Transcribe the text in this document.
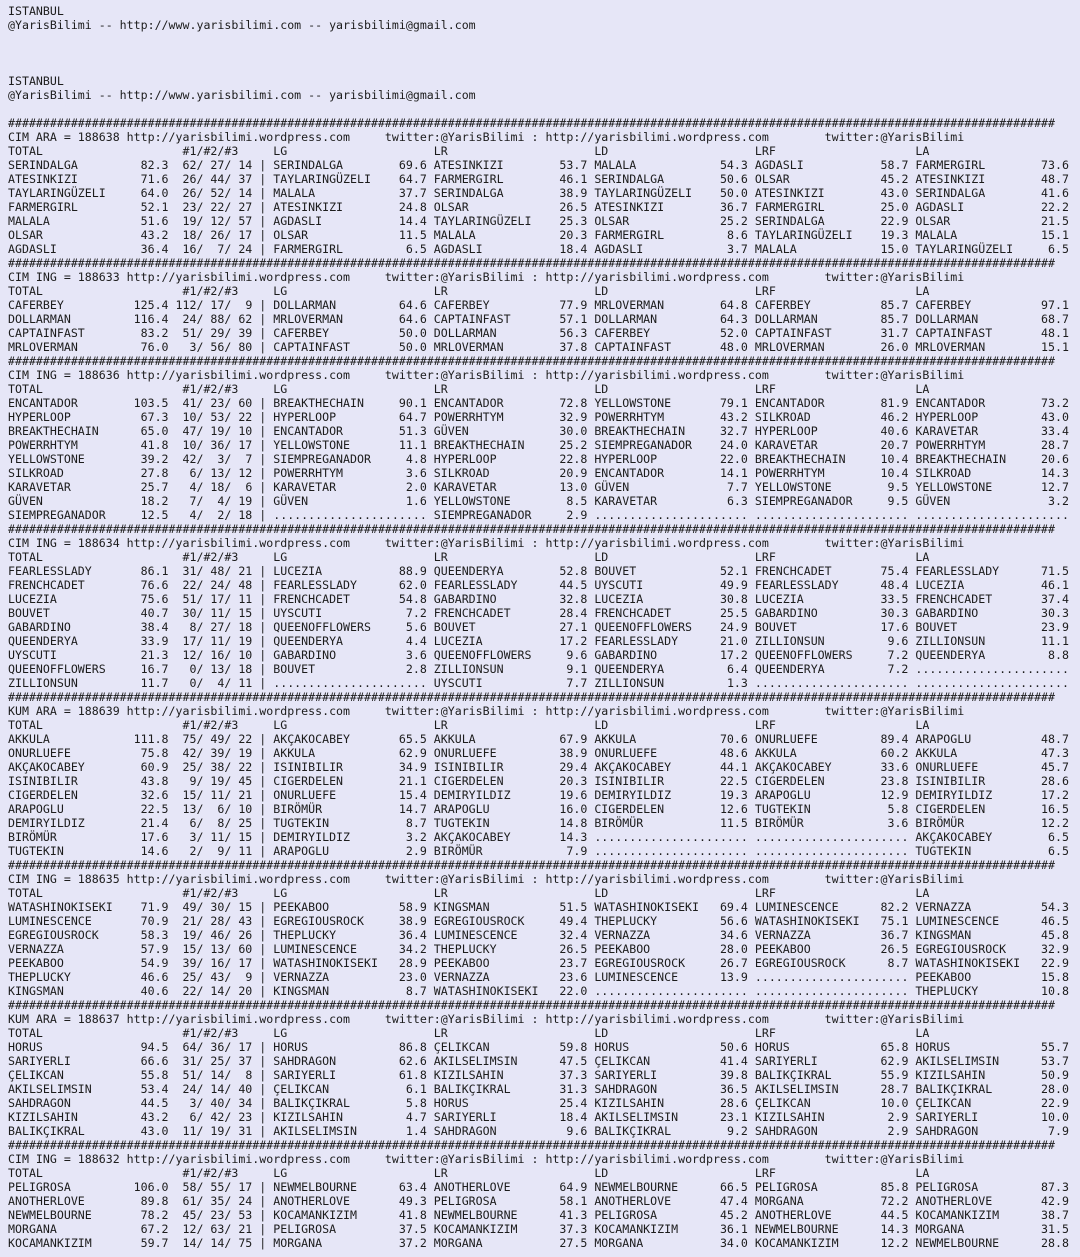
ISTANBUL
@YarisBilimi -- http://www.yarisbilimi.com -- yarisbilimi@gmail.com
ISTANBUL
@YarisBilimi -- http://www.yarisbilimi.com -- yarisbilimi@gmail.com
######################################################################################################################################################
CIM ARA = 188638 http://yarisbilimi.wordpress.com     twitter:@YarisBilimi : http://yarisbilimi.wordpress.com        twitter:@YarisBilimi
TOTAL	#1/#2/#3	LG	LR	LD	LRF	LA
SERINDALGA	82.3 62 / 27 / 14 | SERINDALGA	69.6 ATESINKIZI	53.7 MALALA	54.3 AGDASLI	58.7 FARMERGIRL	73.6
ATESINKIZI	71.6 26 / 44 / 37 | TAYLARINGÜZELI 64.7 FARMERGIRL	46.1 SERINDALGA	50.6 OLSAR	45.2 ATESINKIZI	48.7
TAYLARINGÜZELI	64.0 26 / 52 / 14 | MALALA	37.7 SERINDALGA	38.9 TAYLARINGÜZELI 50.0 ATESINKIZI	43.0 SERINDALGA	41.6
FARMERGIRL	52.1 23 / 22 / 27 | ATESINKIZI	24.8 OLSAR	26.5 ATESINKIZI	36.7 FARMERGIRL	25.0 AGDASLI	22.2
MALALA	51.6 19 / 12 / 57 | AGDASLI	14.4 TAYLARINGÜZELI 25.3 OLSAR	25.2 SERINDALGA	22.9 OLSAR	21.5
OLSAR	43.2 18 / 26 / 17 | OLSAR	11.5 MALALA	20.3 FARMERGIRL	8.6 TAYLARINGÜZELI 19.3 MALALA	15.1
AGDASLI	36.4 16 / 7 / 24 | FARMERGIRL	6.5 AGDASLI	18.4 AGDASLI	3.7 MALALA	15.0 TAYLARINGÜZELI	6.5
######################################################################################################################################################
CIM ING = 188633 http://yarisbilimi.wordpress.com     twitter:@YarisBilimi : http://yarisbilimi.wordpress.com        twitter:@YarisBilimi
TOTAL	#1/#2/#3	LG	LR	LD	LRF	LA
CAFERBEY	125.4 112 / 17 / 9 | DOLLARMAN	64.6 CAFERBEY	77.9 MRLOVERMAN	64.8 CAFERBEY	85.7 CAFERBEY	97.1
DOLLARMAN	116.4 24 / 88 / 62 | MRLOVERMAN	64.6 CAPTAINFAST	57.1 DOLLARMAN	64.3 DOLLARMAN	85.7 DOLLARMAN	68.7
CAPTAINFAST	83.2 51 / 29 / 39 | CAFERBEY	50.0 DOLLARMAN	56.3 CAFERBEY	52.0 CAPTAINFAST	31.7 CAPTAINFAST	48.1
MRLOVERMAN	76.0 3 / 56 / 80 | CAPTAINFAST	50.0 MRLOVERMAN	37.8 CAPTAINFAST	48.0 MRLOVERMAN	26.0 MRLOVERMAN	15.1
######################################################################################################################################################
CIM ING = 188636 http://yarisbilimi.wordpress.com     twitter:@YarisBilimi : http://yarisbilimi.wordpress.com        twitter:@YarisBilimi
TOTAL	#1/#2/#3	LG	LR	LD	LRF	LA
ENCANTADOR	103.5 41 / 23 / 60 | BREAKTHECHAIN	90.1 ENCANTADOR	72.8 YELLOWSTONE	79.1 ENCANTADOR	81.9 ENCANTADOR	73.2
HYPERLOOP	67.3 10 / 53 / 22 | HYPERLOOP	64.7 POWERRHTYM	32.9 POWERRHTYM	43.2 SILKROAD	46.2 HYPERLOOP	43.0
BREAKTHECHAIN	65.0 47 / 19 / 10 | ENCANTADOR	51.3 GÜVEN	30.0 BREAKTHECHAIN	32.7 HYPERLOOP	40.6 KARAVETAR	33.4
POWERRHTYM	41.8 10 / 36 / 17 | YELLOWSTONE	11.1 BREAKTHECHAIN	25.2 SIEMPREGANADOR 24.0 KARAVETAR	20.7 POWERRHTYM	28.7
YELLOWSTONE	39.2 42 / 3 / 7 | SIEMPREGANADOR	4.8 HYPERLOOP	22.8 HYPERLOOP	22.0 BREAKTHECHAIN	10.4 BREAKTHECHAIN	20.6
SILKROAD	27.8 6 / 13 / 12 | POWERRHTYM	3.6 SILKROAD	20.9 ENCANTADOR	14.1 POWERRHTYM	10.4 SILKROAD	14.3
KARAVETAR	25.7 4 / 18 / 6 | KARAVETAR	2.0 KARAVETAR	13.0 GÜVEN	7.7 YELLOWSTONE	9.5 YELLOWSTONE	12.7
GÜVEN	18.2 7 / 4 / 19 | GÜVEN	1.6 YELLOWSTONE	8.5 KARAVETAR	6.3 SIEMPREGANADOR	9.5 GÜVEN	3.2
SIEMPREGANADOR	12.5 4 / 2 / 18 | ...................... SIEMPREGANADOR	2.9 ...................... ...................... ......................
######################################################################################################################################################
CIM ING = 188634 http://yarisbilimi.wordpress.com     twitter:@YarisBilimi : http://yarisbilimi.wordpress.com        twitter:@YarisBilimi
TOTAL	#1/#2/#3	LG	LR	LD	LRF	LA
FEARLESSLADY	86.1 31 / 48 / 21 | LUCEZIA	88.9 QUEENDERYA	52.8 BOUVET	52.1 FRENCHCADET	75.4 FEARLESSLADY	71.5
FRENCHCADET	76.6 22 / 24 / 48 | FEARLESSLADY	62.0 FEARLESSLADY	44.5 UYSCUTI	49.9 FEARLESSLADY	48.4 LUCEZIA	46.1
LUCEZIA	75.6 51 / 17 / 11 | FRENCHCADET	54.8 GABARDINO	32.8 LUCEZIA	30.8 LUCEZIA	33.5 FRENCHCADET	37.4
BOUVET	40.7 30 / 11 / 15 | UYSCUTI	7.2 FRENCHCADET	28.4 FRENCHCADET	25.5 GABARDINO	30.3 GABARDINO	30.3
GABARDINO	38.4 8 / 27 / 18 | QUEENOFFLOWERS	5.6 BOUVET	27.1 QUEENOFFLOWERS 24.9 BOUVET	17.6 BOUVET	23.9
QUEENDERYA	33.9 17 / 11 / 19 | QUEENDERYA	4.4 LUCEZIA	17.2 FEARLESSLADY	21.0 ZILLIONSUN	9.6 ZILLIONSUN	11.1
UYSCUTI	21.3 12 / 16 / 10 | GABARDINO	3.6 QUEENOFFLOWERS	9.6 GABARDINO	17.2 QUEENOFFLOWERS	7.2 QUEENDERYA	8.8
QUEENOFFLOWERS	16.7 0 / 13 / 18 | BOUVET	2.8 ZILLIONSUN	9.1 QUEENDERYA	6.4 QUEENDERYA	7.2 ......................
ZILLIONSUN	11.7 0 / 4 / 11 | ...................... UYSCUTI	7.7 ZILLIONSUN	1.3 ...................... ......................
######################################################################################################################################################
KUM ARA = 188639 http://yarisbilimi.wordpress.com     twitter:@YarisBilimi : http://yarisbilimi.wordpress.com        twitter:@YarisBilimi
TOTAL	#1/#2/#3	LG	LR	LD	LRF	LA
AKKULA	111.8 75 / 49 / 22 | AKÇAKOCABEY	65.5 AKKULA	67.9 AKKULA	70.6 ONURLUEFE	89.4 ARAPOGLU	48.7
ONURLUEFE	75.8 42 / 39 / 19 | AKKULA	62.9 ONURLUEFE	38.9 ONURLUEFE	48.6 AKKULA	60.2 AKKULA	47.3
AKÇAKOCABEY	60.9 25 / 38 / 22 | ISINIBILIR	34.9 ISINIBILIR	29.4 AKÇAKOCABEY	44.1 AKÇAKOCABEY	33.6 ONURLUEFE	45.7
ISINIBILIR	43.8 9 / 19 / 45 | CIGERDELEN	21.1 CIGERDELEN	20.3 ISINIBILIR	22.5 CIGERDELEN	23.8 ISINIBILIR	28.6
CIGERDELEN	32.6 15 / 11 / 21 | ONURLUEFE	15.4 DEMIRYILDIZ	19.6 DEMIRYILDIZ	19.3 ARAPOGLU	12.9 DEMIRYILDIZ	17.2
ARAPOGLU	22.5 13 / 6 / 10 | BIRÖMÜR	14.7 ARAPOGLU	16.0 CIGERDELEN	12.6 TUGTEKIN	5.8 CIGERDELEN	16.5
DEMIRYILDIZ	21.4 6 / 8 / 25 | TUGTEKIN	8.7 TUGTEKIN	14.8 BIRÖMÜR	11.5 BIRÖMÜR	3.6 BIRÖMÜR	12.2
BIRÖMÜR	17.6 3 / 11 / 15 | DEMIRYILDIZ	3.2 AKÇAKOCABEY	14.3 ...................... ...................... AKÇAKOCABEY	6.5
TUGTEKIN	14.6 2 / 9 / 11 | ARAPOGLU	2.9 BIRÖMÜR	7.9 ...................... ...................... TUGTEKIN	6.5
######################################################################################################################################################
CIM ING = 188635 http://yarisbilimi.wordpress.com     twitter:@YarisBilimi : http://yarisbilimi.wordpress.com        twitter:@YarisBilimi
TOTAL	#1/#2/#3	LG	LR	LD	LRF	LA
WATASHINOKISEKI 71.9 49 / 30 / 15 | PEEKABOO	58.9 KINGSMAN	51.5 WATASHINOKISEKI 69.4 LUMINESCENCE	82.2 VERNAZZA	54.3
LUMINESCENCE	70.9 21 / 28 / 43 | EGREGIOUSROCK	38.9 EGREGIOUSROCK	49.4 THEPLUCKY	56.6 WATASHINOKISEKI 75.1 LUMINESCENCE	46.5
EGREGIOUSROCK	58.3 19 / 46 / 26 | THEPLUCKY	36.4 LUMINESCENCE	32.4 VERNAZZA	34.6 VERNAZZA	36.7 KINGSMAN	45.8
VERNAZZA	57.9 15 / 13 / 60 | LUMINESCENCE	34.2 THEPLUCKY	26.5 PEEKABOO	28.0 PEEKABOO	26.5 EGREGIOUSROCK	32.9
PEEKABOO	54.9 39 / 16 / 17 | WATASHINOKISEKI 28.9 PEEKABOO	23.7 EGREGIOUSROCK	26.7 EGREGIOUSROCK	8.7 WATASHINOKISEKI 22.9
THEPLUCKY	46.6 25 / 43 / 9 | VERNAZZA	23.0 VERNAZZA	23.6 LUMINESCENCE	13.9 ...................... PEEKABOO	15.8
KINGSMAN	40.6 22 / 14 / 20 | KINGSMAN	8.7 WATASHINOKISEKI 22.0 ...................... ...................... THEPLUCKY	10.8
######################################################################################################################################################
KUM ARA = 188637 http://yarisbilimi.wordpress.com     twitter:@YarisBilimi : http://yarisbilimi.wordpress.com        twitter:@YarisBilimi
TOTAL	#1/#2/#3	LG	LR	LD	LRF	LA
HORUS	94.5 64 / 36 / 17 | HORUS	86.8 ÇELIKCAN	59.8 HORUS	50.6 HORUS	65.8 HORUS	55.7
SARIYERLI	66.6 31 / 25 / 37 | SAHDRAGON	62.6 AKILSELIMSIN	47.5 ÇELIKCAN	41.4 SARIYERLI	62.9 AKILSELIMSIN	53.7
ÇELIKCAN	55.8 51 / 14 / 8 | SARIYERLI	61.8 KIZILSAHIN	37.3 SARIYERLI	39.8 BALIKÇIKRAL	55.9 KIZILSAHIN	50.9
AKILSELIMSIN	53.4 24 / 14 / 40 | ÇELIKCAN	6.1 BALIKÇIKRAL	31.3 SAHDRAGON	36.5 AKILSELIMSIN	28.7 BALIKÇIKRAL	28.0
SAHDRAGON	44.5 3 / 40 / 34 | BALIKÇIKRAL	5.8 HORUS	25.4 KIZILSAHIN	28.6 ÇELIKCAN	10.0 ÇELIKCAN	22.9
KIZILSAHIN	43.2 6 / 42 / 23 | KIZILSAHIN	4.7 SARIYERLI	18.4 AKILSELIMSIN	23.1 KIZILSAHIN	2.9 SARIYERLI	10.0
BALIKÇIKRAL	43.0 11 / 19 / 31 | AKILSELIMSIN	1.4 SAHDRAGON	9.6 BALIKÇIKRAL	9.2 SAHDRAGON	2.9 SAHDRAGON	7.9
######################################################################################################################################################
CIM ING = 188632 http://yarisbilimi.wordpress.com     twitter:@YarisBilimi : http://yarisbilimi.wordpress.com        twitter:@YarisBilimi
TOTAL	#1/#2/#3	LG	LR	LD	LRF	LA
PELIGROSA	106.0 58 / 55 / 17 | NEWMELBOURNE	63.4 ANOTHERLOVE	64.9 NEWMELBOURNE	66.5 PELIGROSA	85.8 PELIGROSA	87.3
ANOTHERLOVE	89.8 61 / 35 / 24 | ANOTHERLOVE	49.3 PELIGROSA	58.1 ANOTHERLOVE	47.4 MORGANA	72.2 ANOTHERLOVE	42.9
NEWMELBOURNE	78.2 45 / 23 / 53 | KOCAMANKIZIM	41.8 NEWMELBOURNE	41.3 PELIGROSA	45.2 ANOTHERLOVE	44.5 KOCAMANKIZIM	38.7
MORGANA	67.2 12 / 63 / 21 | PELIGROSA	37.5 KOCAMANKIZIM	37.3 KOCAMANKIZIM	36.1 NEWMELBOURNE	14.3 MORGANA	31.5
KOCAMANKIZIM	59.7 14 / 14 / 75 | MORGANA	37.2 MORGANA	27.5 MORGANA	34.0 KOCAMANKIZIM	12.2 NEWMELBOURNE	28.8
